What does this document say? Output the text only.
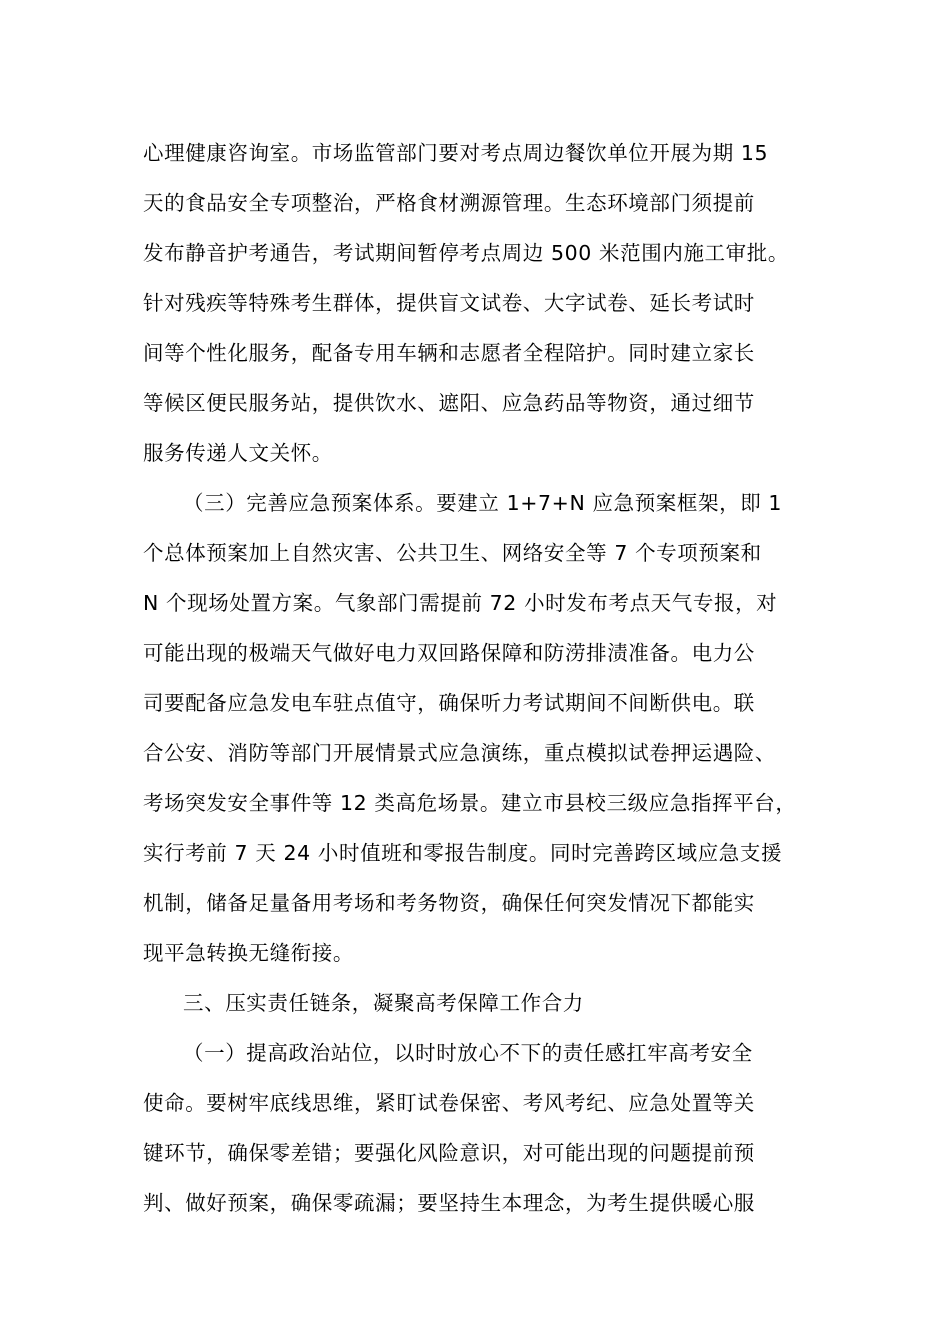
心理健康咨询室。市场监管部门要对考点周边餐饮单位开展为期 15
天的食品安全专项整治，严格食材溯源管理。生态环境部门须提前
发布静音护考通告，考试期间暂停考点周边 500 米范围内施工审批。
针对残疾等特殊考生群体，提供盲文试卷、大字试卷、延长考试时
间等个性化服务，配备专用车辆和志愿者全程陪护。同时建立家长
等候区便民服务站，提供饮水、遮阳、应急药品等物资，通过细节
服务传递人文关怀。
（三）完善应急预案体系。要建立 1+7+N 应急预案框架，即 1
个总体预案加上自然灾害、公共卫生、网络安全等 7 个专项预案和
N 个现场处置方案。气象部门需提前 72 小时发布考点天气专报，对
可能出现的极端天气做好电力双回路保障和防涝排渍准备。电力公
司要配备应急发电车驻点值守，确保听力考试期间不间断供电。联
合公安、消防等部门开展情景式应急演练，重点模拟试卷押运遇险、
考场突发安全事件等 12 类高危场景。建立市县校三级应急指挥平台，
实行考前 7 天 24 小时值班和零报告制度。同时完善跨区域应急支援
机制，储备足量备用考场和考务物资，确保任何突发情况下都能实
现平急转换无缝衔接。
三、压实责任链条，凝聚高考保障工作合力
（一）提高政治站位，以时时放心不下的责任感扛牢高考安全
使命。要树牢底线思维，紧盯试卷保密、考风考纪、应急处置等关
键环节，确保零差错；要强化风险意识，对可能出现的问题提前预
判、做好预案，确保零疏漏；要坚持生本理念，为考生提供暖心服
